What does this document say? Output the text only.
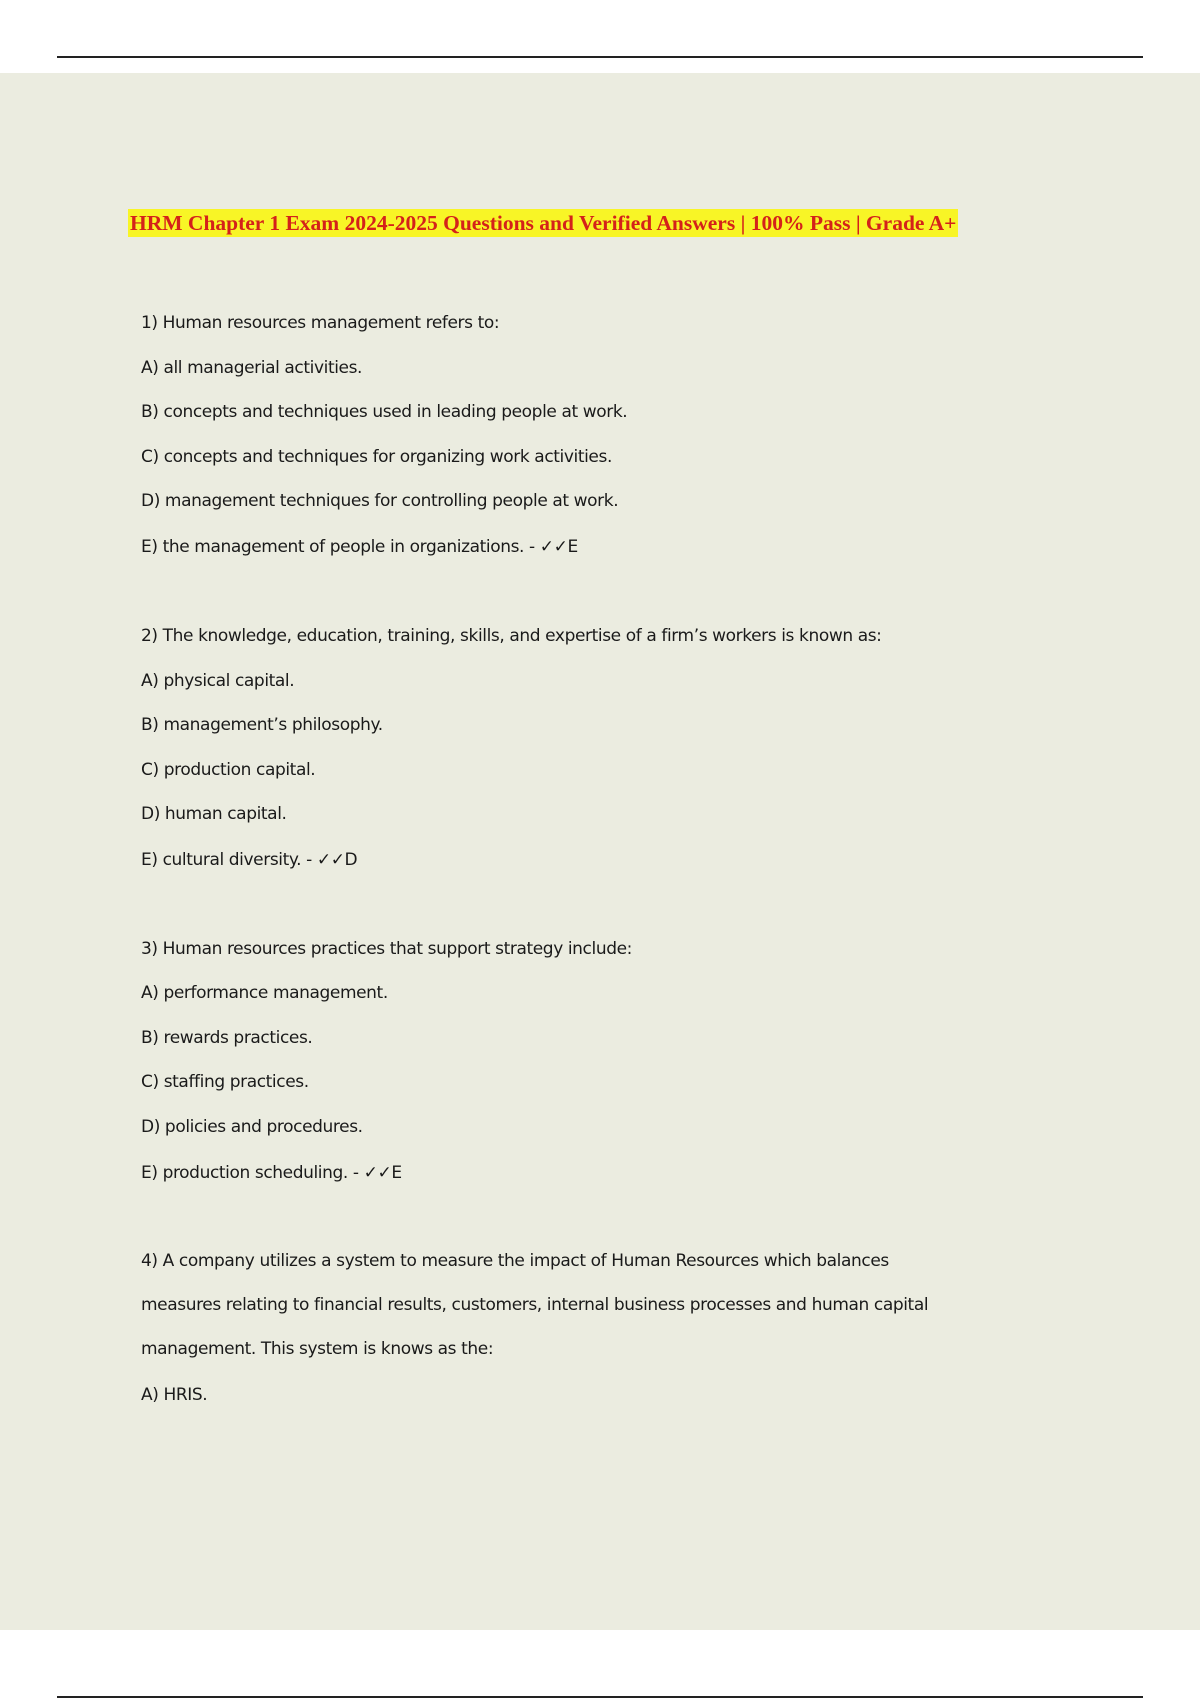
HRM Chapter 1 Exam 2024-2025 Questions and Verified Answers | 100% Pass | Grade A+
1) Human resources management refers to:
A) all managerial activities.
B) concepts and techniques used in leading people at work.
C) concepts and techniques for organizing work activities.
D) management techniques for controlling people at work.
E) the management of people in organizations. - ✓✓E
2) The knowledge, education, training, skills, and expertise of a firm’s workers is known as:
A) physical capital.
B) management’s philosophy.
C) production capital.
D) human capital.
E) cultural diversity. - ✓✓D
3) Human resources practices that support strategy include:
A) performance management.
B) rewards practices.
C) staffing practices.
D) policies and procedures.
E) production scheduling. - ✓✓E
4) A company utilizes a system to measure the impact of Human Resources which balances
measures relating to financial results, customers, internal business processes and human capital
management. This system is knows as the:
A) HRIS.
